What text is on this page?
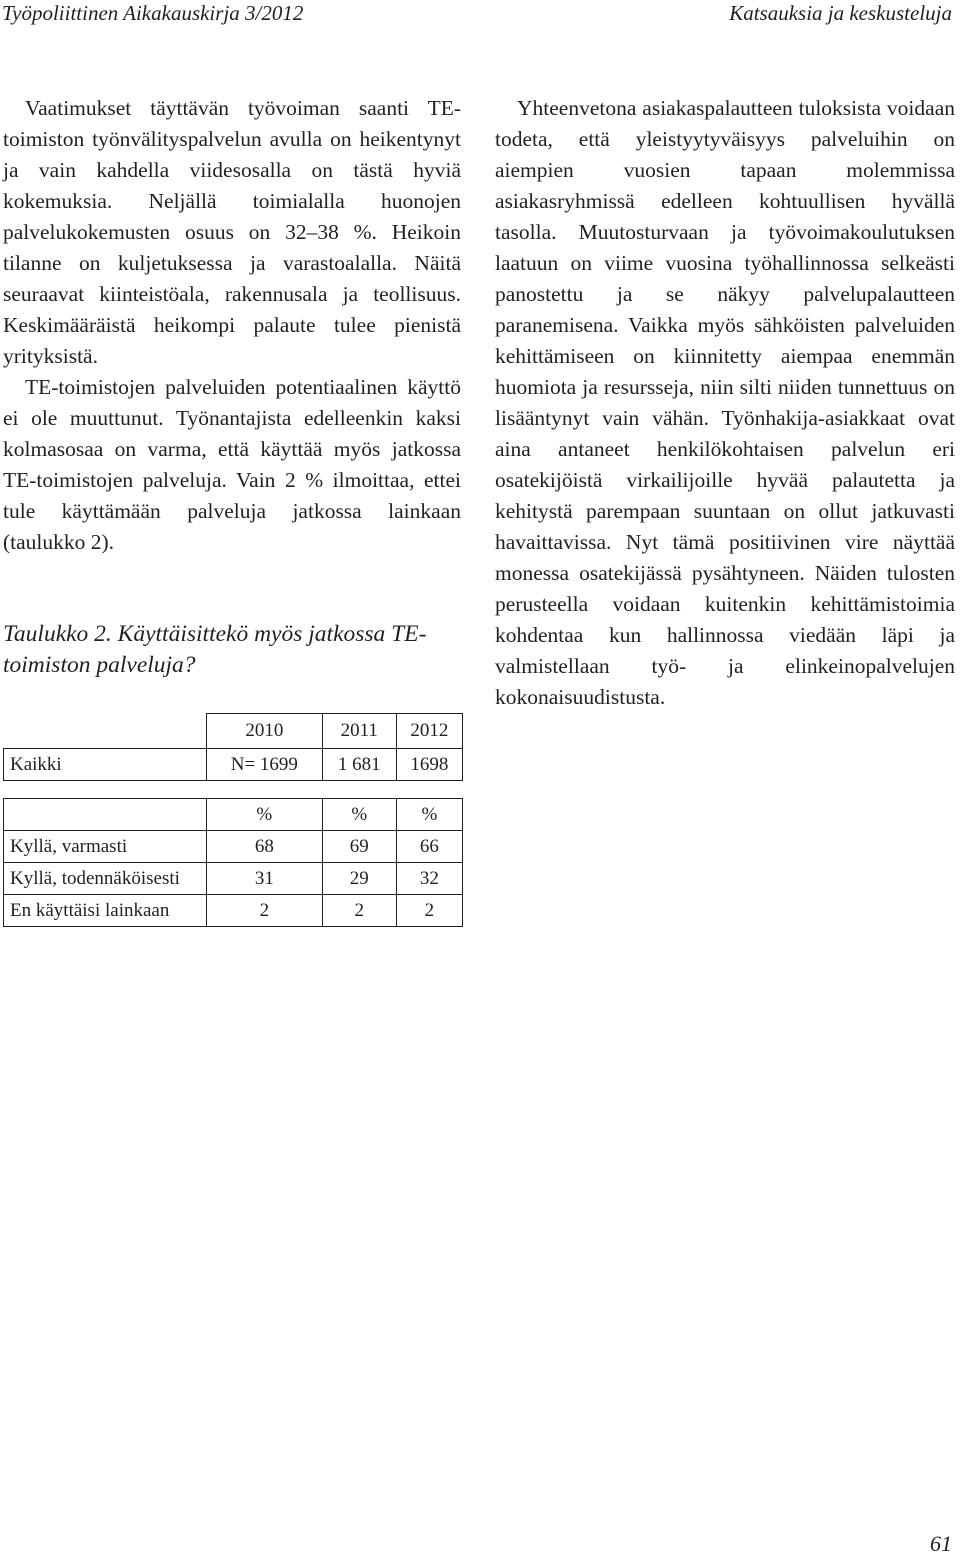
Työpoliittinen Aikakauskirja 3/2012	Katsauksia ja keskusteluja

Vaatimukset täyttävän työvoiman saanti TE-toimiston työnvälityspalvelun avulla on heikentynyt ja vain kahdella viidesosalla on tästä hyviä kokemuksia. Neljällä toimialalla huonojen palvelukokemusten osuus on 32–38 %. Heikoin tilanne on kuljetuksessa ja varastoalalla. Näitä seuraavat kiinteistöala, rakennusala ja teollisuus. Keskimääräistä heikompi palaute tulee pienistä yrityksistä.

TE-toimistojen palveluiden potentiaalinen käyttö ei ole muuttunut. Työnantajista edelleenkin kaksi kolmasosaa on varma, että käyttää myös jatkossa TE-toimistojen palveluja. Vain 2 % ilmoittaa, ettei tule käyttämään palveluja jatkossa lainkaan (taulukko 2).

Taulukko 2. Käyttäisittekö myös jatkossa TE-toimiston palveluja?
	2010	2011	2012
Kaikki	N= 1699	1 681	1698

	%	%	%
Kyllä, varmasti	68	69	66
Kyllä, todennäköisesti	31	29	32
En käyttäisi lainkaan	2	2	2

Yhteenvetona asiakaspalautteen tuloksista voidaan todeta, että yleistyytyväisyys palveluihin on aiempien vuosien tapaan molemmissa asiakasryhmissä edelleen kohtuullisen hyvällä tasolla. Muutosturvaan ja työvoimakoulutuksen laatuun on viime vuosina työhallinnossa selkeästi panostettu ja se näkyy palvelupalautteen paranemisena. Vaikka myös sähköisten palveluiden kehittämiseen on kiinnitetty aiempaa enemmän huomiota ja resursseja, niin silti niiden tunnettuus on lisääntynyt vain vähän. Työnhakija-asiakkaat ovat aina antaneet henkilökohtaisen palvelun eri osatekijöistä virkailijoille hyvää palautetta ja kehitystä parempaan suuntaan on ollut jatkuvasti havaittavissa. Nyt tämä positiivinen vire näyttää monessa osatekijässä pysähtyneen. Näiden tulosten perusteella voidaan kuitenkin kehittämistoimia kohdentaa kun hallinnossa viedään läpi ja valmistellaan työ- ja elinkeinopalvelujen kokonaisuudistusta.

61
